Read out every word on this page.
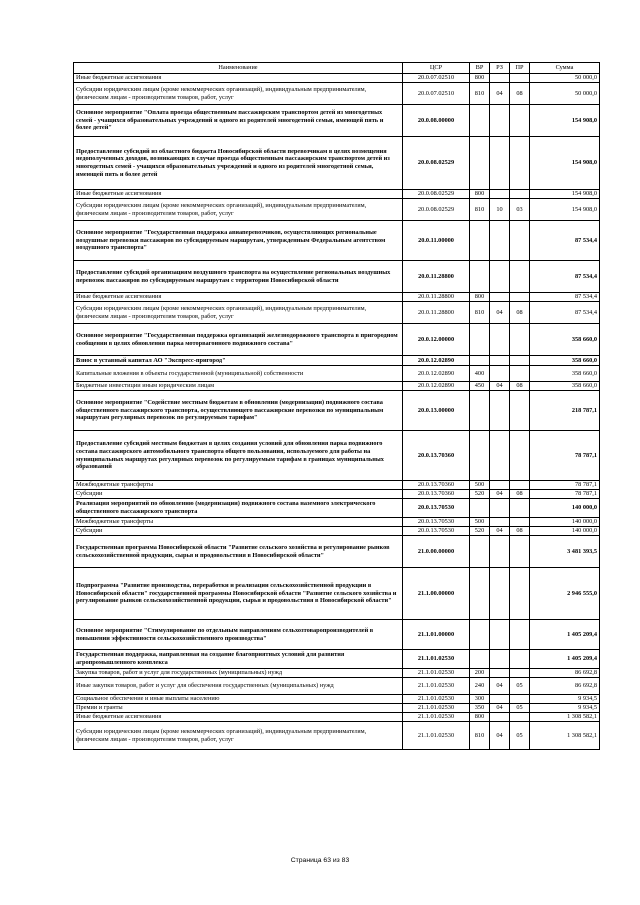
Наименование	ЦСР	ВР	РЗ	ПР	Сумма
Иные бюджетные ассигнования	20.0.07.02510	800			50 000,0
Субсидии юридическим лицам (кроме некоммерческих организаций), индивидуальным предпринимателям, физическим лицам - производителям товаров, работ, услуг	20.0.07.02510	810	04	08	50 000,0
Основное мероприятие "Оплата проезда общественным пассажирским транспортом детей из многодетных семей - учащихся образовательных учреждений и одного из родителей многодетной семьи, имеющей пять и более детей"	20.0.08.00000				154 908,0
Предоставление субсидий из областного бюджета Новосибирской области перевозчикам в целях возмещения недополученных доходов, возникающих в случае проезда общественным пассажирским транспортом детей из многодетных семей - учащихся образовательных учреждений и одного из родителей многодетной семьи, имеющей пять и более детей	20.0.08.02529				154 908,0
Иные бюджетные ассигнования	20.0.08.02529	800			154 908,0
Субсидии юридическим лицам (кроме некоммерческих организаций), индивидуальным предпринимателям, физическим лицам - производителям товаров, работ, услуг	20.0.08.02529	810	10	03	154 908,0
Основное мероприятие "Государственная поддержка авиаперевозчиков, осуществляющих региональные воздушные перевозки пассажиров по субсидируемым маршрутам, утвержденным Федеральным агентством воздушного транспорта"	20.0.11.00000				87 534,4
Предоставление субсидий организациям воздушного транспорта на осуществление региональных воздушных перевозок пассажиров по субсидируемым маршрутам с территории Новосибирской области	20.0.11.28800				87 534,4
Иные бюджетные ассигнования	20.0.11.28800	800			87 534,4
Субсидии юридическим лицам (кроме некоммерческих организаций), индивидуальным предпринимателям, физическим лицам - производителям товаров, работ, услуг	20.0.11.28800	810	04	08	87 534,4
Основное мероприятие "Государственная поддержка организаций железнодорожного транспорта в пригородном сообщении в целях обновления парка моторвагонного подвижного состава"	20.0.12.00000				358 660,0
Взнос в уставный капитал АО "Экспресс-пригород"	20.0.12.02890				358 660,0
Капитальные вложения в объекты государственной (муниципальной) собственности	20.0.12.02890	400			358 660,0
Бюджетные инвестиции иным юридическим лицам	20.0.12.02890	450	04	08	358 660,0
Основное мероприятие "Содействие местным бюджетам в обновлении (модернизации) подвижного состава общественного пассажирского транспорта, осуществляющего пассажирские перевозки по муниципальным маршрутам регулярных перевозок по регулируемым тарифам"	20.0.13.00000				218 787,1
Предоставление субсидий местным бюджетам в целях создания условий для обновления парка подвижного состава пассажирского автомобильного транспорта общего пользования, используемого для работы на муниципальных маршрутах регулярных перевозок по регулируемым тарифам в границах муниципальных образований	20.0.13.70360				78 787,1
Межбюджетные трансферты	20.0.13.70360	500			78 787,1
Субсидии	20.0.13.70360	520	04	08	78 787,1
Реализация мероприятий по обновлению (модернизации) подвижного состава наземного электрического общественного пассажирского транспорта	20.0.13.70530				140 000,0
Межбюджетные трансферты	20.0.13.70530	500			140 000,0
Субсидии	20.0.13.70530	520	04	08	140 000,0
Государственная программа Новосибирской области "Развитие сельского хозяйства и регулирование рынков сельскохозяйственной продукции, сырья и продовольствия в Новосибирской области"	21.0.00.00000				3 481 393,5
Подпрограмма "Развитие производства, переработки и реализации сельскохозяйственной продукции в Новосибирской области" государственной программы Новосибирской области "Развитие сельского хозяйства и регулирование рынков сельскохозяйственной продукции, сырья и продовольствия в Новосибирской области"	21.1.00.00000				2 946 555,0
Основное мероприятие "Стимулирование по отдельным направлениям сельхозтоваропроизводителей в повышении эффективности сельскохозяйственного производства"	21.1.01.00000				1 405 209,4
Государственная поддержка, направленная на создание благоприятных условий для развития агропромышленного комплекса	21.1.01.02530				1 405 209,4
Закупка товаров, работ и услуг для государственных (муниципальных) нужд	21.1.01.02530	200			86 692,8
Иные закупки товаров, работ и услуг для обеспечения государственных (муниципальных) нужд	21.1.01.02530	240	04	05	86 692,8
Социальное обеспечение и иные выплаты населению	21.1.01.02530	300			9 934,5
Премии и гранты	21.1.01.02530	350	04	05	9 934,5
Иные бюджетные ассигнования	21.1.01.02530	800			1 308 582,1
Субсидии юридическим лицам (кроме некоммерческих организаций), индивидуальным предпринимателям, физическим лицам - производителям товаров, работ, услуг	21.1.01.02530	810	04	05	1 308 582,1
Страница 63 из 83
